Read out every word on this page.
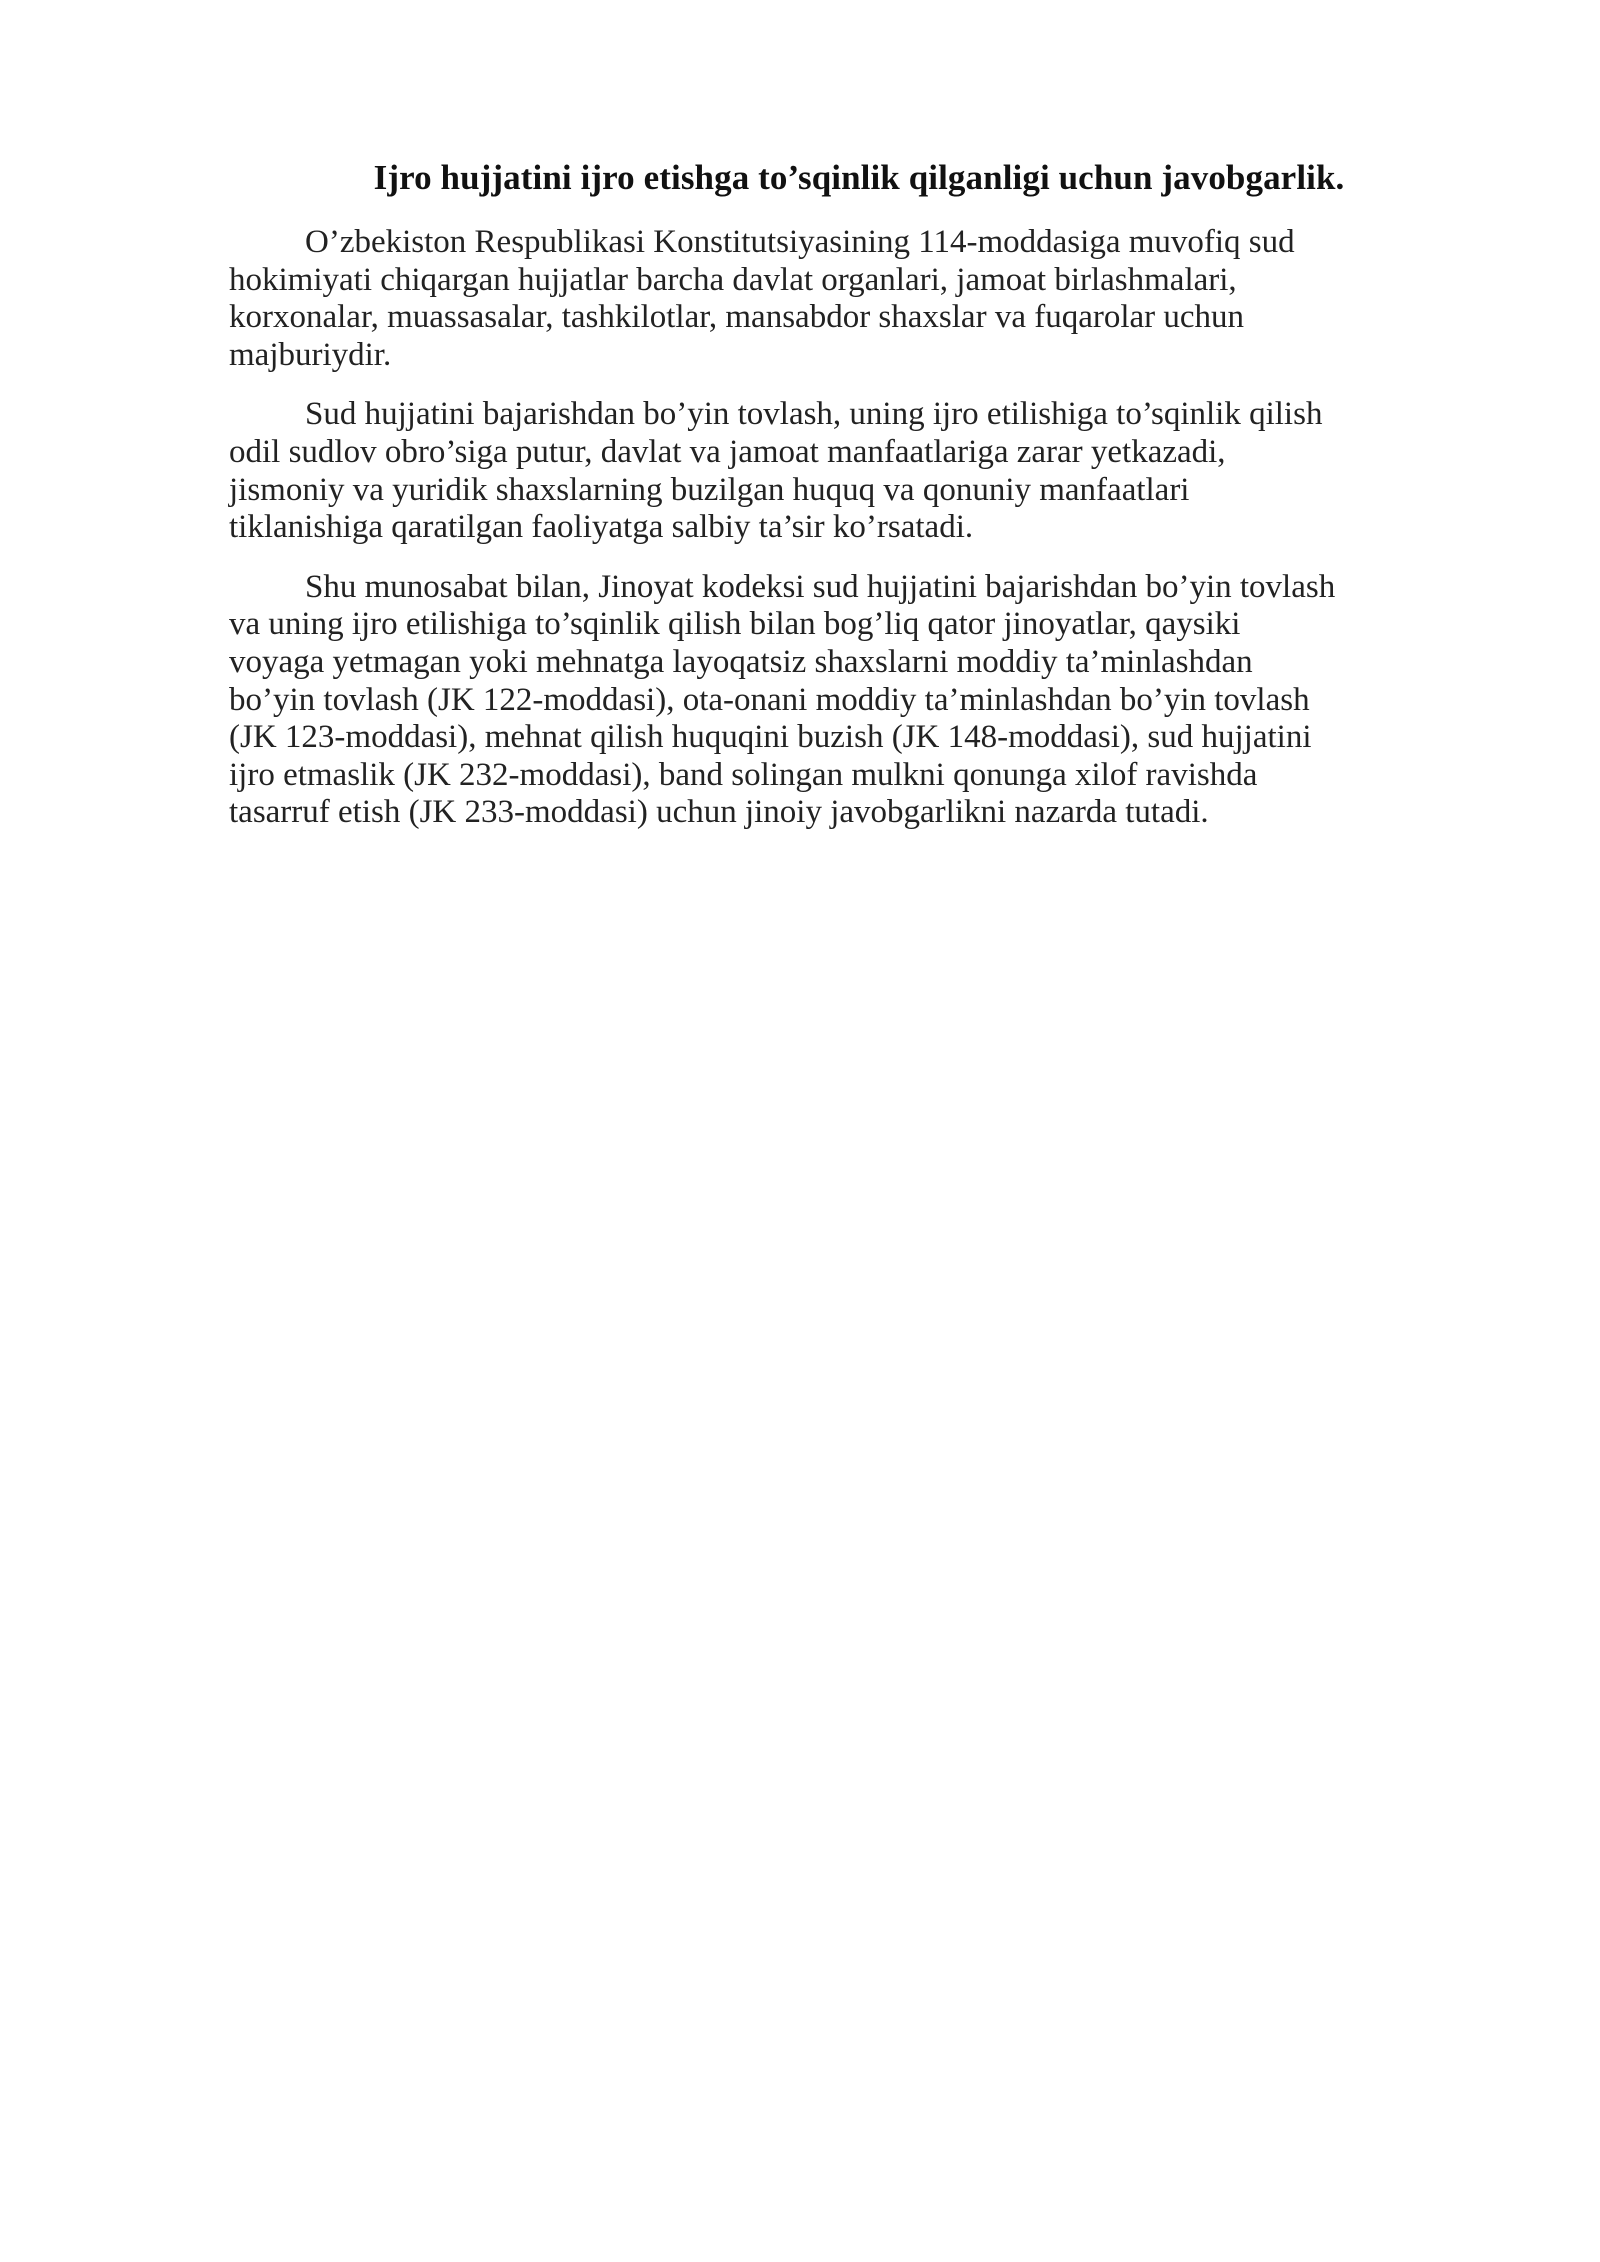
Ijro hujjatini ijro etishga to’sqinlik qilganligi uchun javobgarlik.

O’zbekiston Respublikasi Konstitutsiyasining 114-moddasiga muvofiq sud
hokimiyati chiqargan hujjatlar barcha davlat organlari, jamoat birlashmalari,
korxonalar, muassasalar, tashkilotlar, mansabdor shaxslar va fuqarolar uchun
majburiydir.

Sud hujjatini bajarishdan bo’yin tovlash, uning ijro etilishiga to’sqinlik qilish
odil sudlov obro’siga putur, davlat va jamoat manfaatlariga zarar yetkazadi,
jismoniy va yuridik shaxslarning buzilgan huquq va qonuniy manfaatlari
tiklanishiga qaratilgan faoliyatga salbiy ta’sir ko’rsatadi.

Shu munosabat bilan, Jinoyat kodeksi sud hujjatini bajarishdan bo’yin tovlash
va uning ijro etilishiga to’sqinlik qilish bilan bog’liq qator jinoyatlar, qaysiki
voyaga yetmagan yoki mehnatga layoqatsiz shaxslarni moddiy ta’minlashdan
bo’yin tovlash (JK 122-moddasi), ota-onani moddiy ta’minlashdan bo’yin tovlash
(JK 123-moddasi), mehnat qilish huquqini buzish (JK 148-moddasi), sud hujjatini
ijro etmaslik (JK 232-moddasi), band solingan mulkni qonunga xilof ravishda
tasarruf etish (JK 233-moddasi) uchun jinoiy javobgarlikni nazarda tutadi.
